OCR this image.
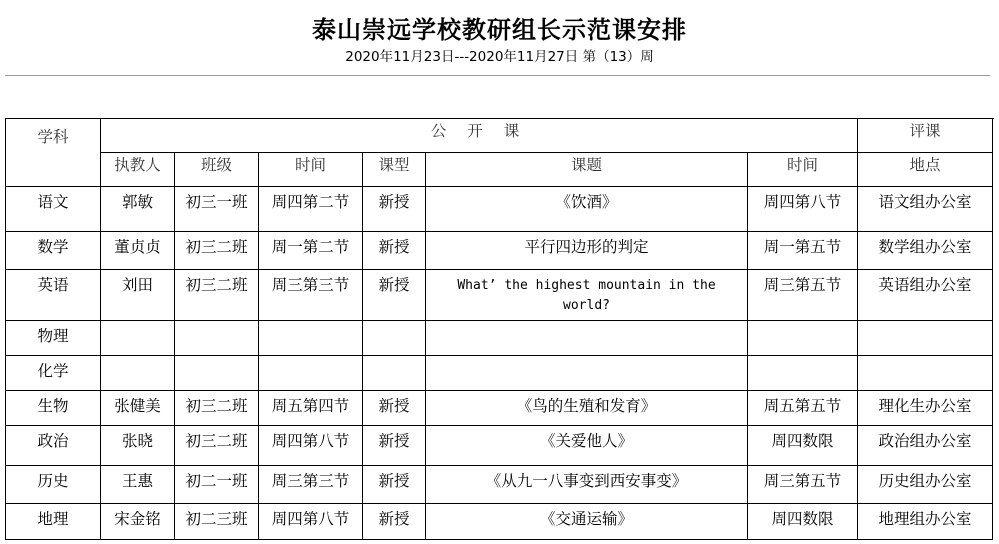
泰山崇远学校教研组长示范课安排
2020年11月23日---2020年11月27日 第（13）周
学科	公 开 课						评课
	执教人	班级	时间	课型	课题	时间	地点

语文	郭敏	初三一班	周四第二节	新授	《饮酒》	周四第八节	语文组办公室

数学	董贞贞	初三二班	周一第二节	新授	平行四边形的判定	周一第五节	数学组办公室

英语	刘田	初三二班	周三第三节	新授	What’ the highest mountain in the world?	周三第五节	英语组办公室

物理							

化学							

生物	张健美	初三二班	周五第四节	新授	《鸟的生殖和发育》	周五第五节	理化生办公室

政治	张晓	初三二班	周四第八节	新授	《关爱他人》	周四数限	政治组办公室

历史	王惠	初二一班	周三第三节	新授	《从九一八事变到西安事变》	周三第五节	历史组办公室

地理	宋金铭	初二三班	周四第八节	新授	《交通运输》	周四数限	地理组办公室
